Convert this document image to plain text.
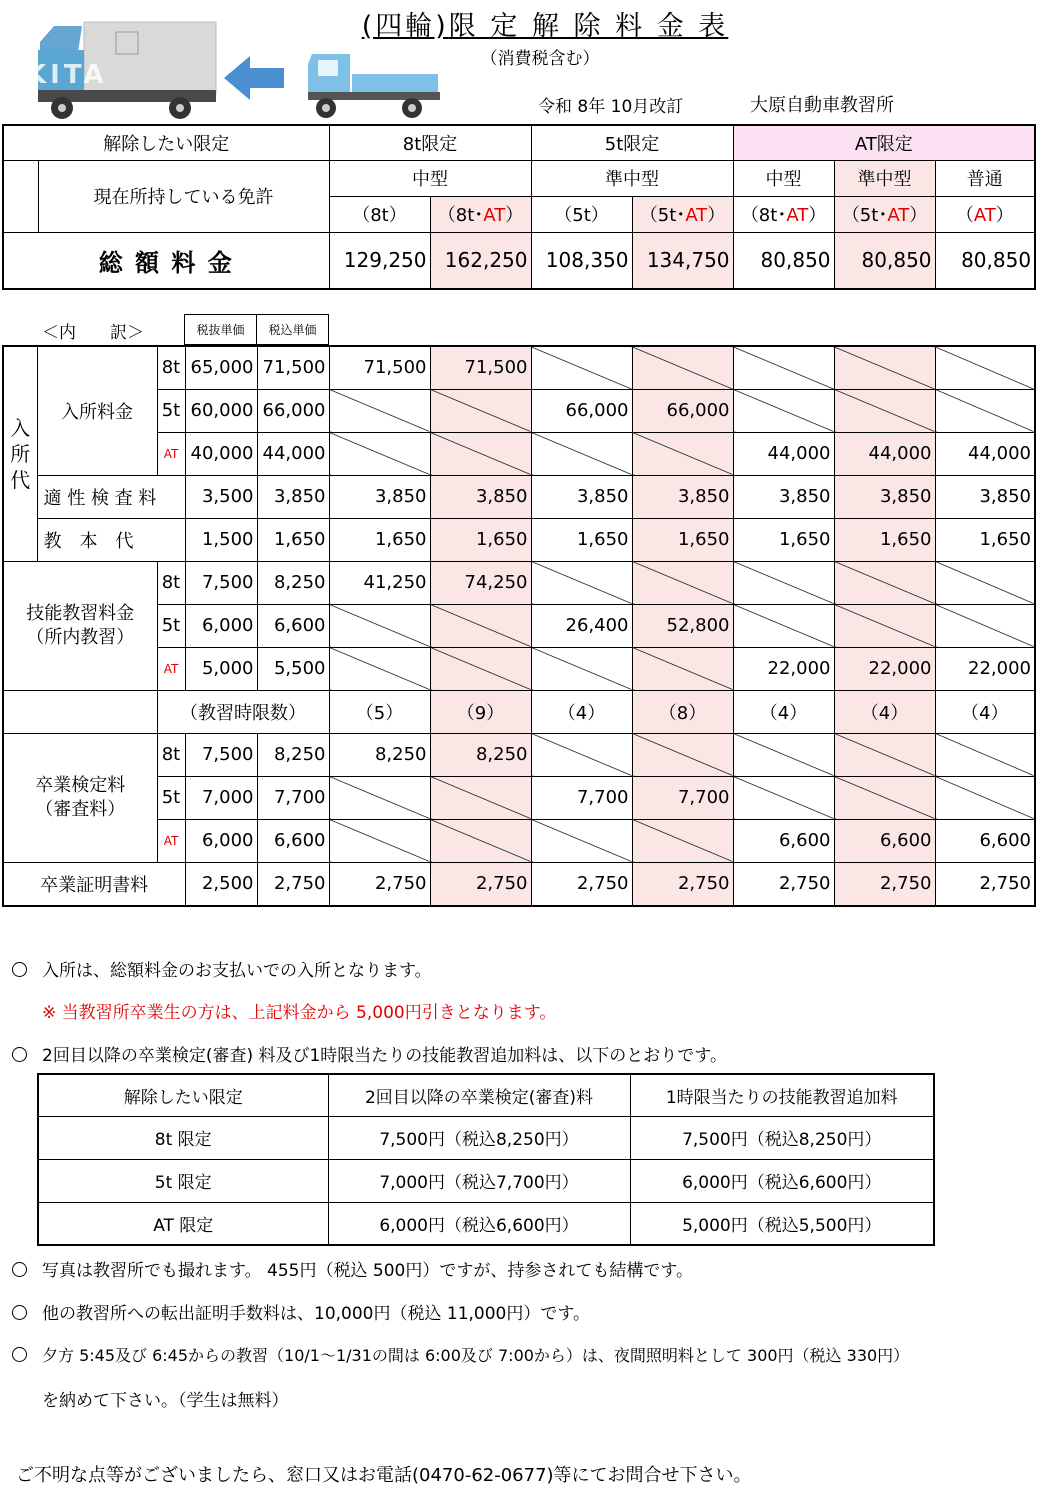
KITA
(四輪)限 定 解 除 料 金 表
（消費税含む）
令和 8年 10月改訂	大原自動車教習所
解除したい限定		8t限定		5t限定		AT限定		
	現在所持している免許	中型		準中型		中型	準中型	普通
		（8t）	（8t･AT）	（5t）	（5t･AT）	（8t･AT）	（5t･AT）	（AT）
総 額 料 金		129,250	162,250	108,350	134,750	80,850	80,850	80,850
＜内　　訳＞	税抜単価	税込単価
入
所
代	入所料金	8t	65,000	71,500	71,500	71,500					
		5t	60,000	66,000			66,000	66,000			
		AT	40,000	44,000					44,000	44,000	44,000
	適 性 検 査 料		3,500	3,850	3,850	3,850	3,850	3,850	3,850	3,850	3,850
	教　本　代		1,500	1,650	1,650	1,650	1,650	1,650	1,650	1,650	1,650
技能教習料金
（所内教習）		8t	7,500	8,250	41,250	74,250					
		5t	6,000	6,600			26,400	52,800			
		AT	5,000	5,500					22,000	22,000	22,000
		（教習時限数）			（5）	（9）	（4）	（8）	（4）	（4）	（4）
卒業検定料
（審査料）		8t	7,500	8,250	8,250	8,250					
		5t	7,000	7,700			7,700	7,700			
		AT	6,000	6,600					6,600	6,600	6,600
卒業証明書料			2,500	2,750	2,750	2,750	2,750	2,750	2,750	2,750	2,750
入所は、総額料金のお支払いでの入所となります。
※ 当教習所卒業生の方は、上記料金から 5,000円引きとなります。
2回目以降の卒業検定(審査) 料及び1時限当たりの技能教習追加料は、以下のとおりです。
解除したい限定	2回目以降の卒業検定(審査)料	1時限当たりの技能教習追加料
8t 限定	7,500円（税込8,250円）	7,500円（税込8,250円）
5t 限定	7,000円（税込7,700円）	6,000円（税込6,600円）
AT 限定	6,000円（税込6,600円）	5,000円（税込5,500円）
写真は教習所でも撮れます。 455円（税込 500円）ですが、持参されても結構です。
他の教習所への転出証明手数料は、10,000円（税込 11,000円）です。
夕方 5:45及び 6:45からの教習（10/1～1/31の間は 6:00及び 7:00から）は、夜間照明料として 300円（税込 330円）
を納めて下さい。（学生は無料）
ご不明な点等がございましたら、窓口又はお電話(0470-62-0677)等にてお問合せ下さい。
